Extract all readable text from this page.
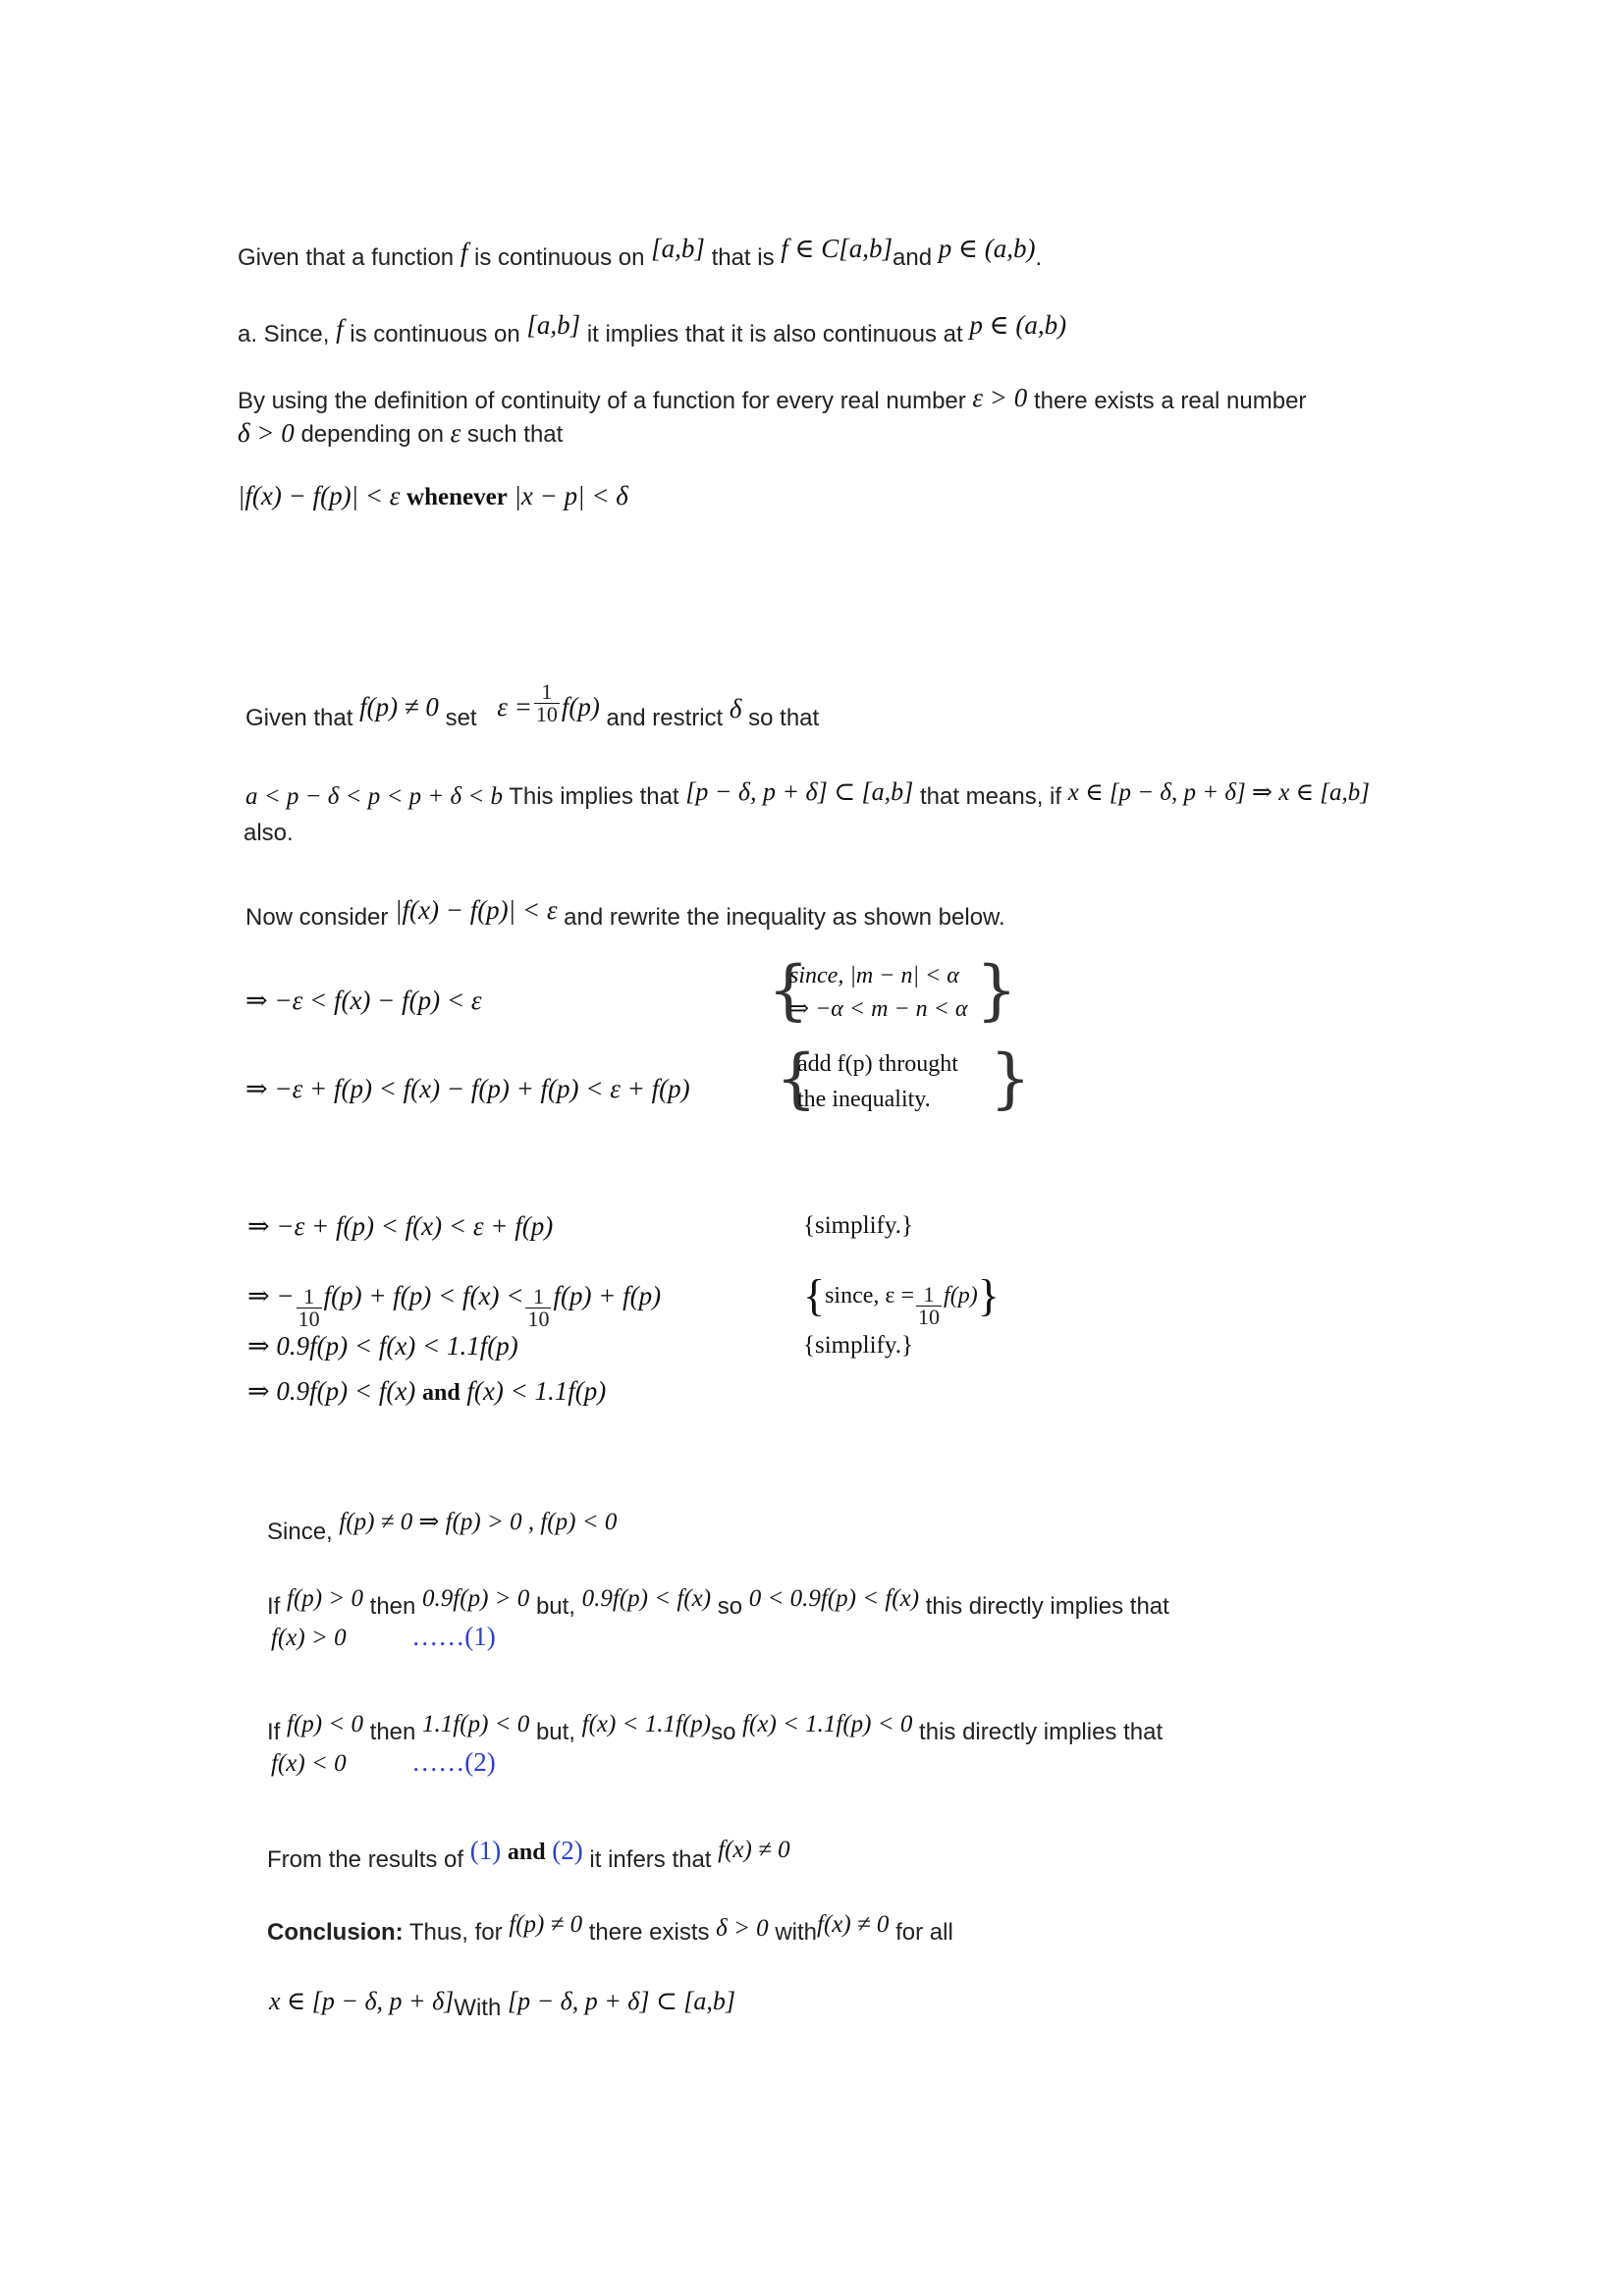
Given that a function f is continuous on [a,b] that is f ∈ C[a,b]and p ∈ (a,b).
a. Since, f is continuous on [a,b] it implies that it is also continuous at p ∈ (a,b)
By using the definition of continuity of a function for every real number ε > 0 there exists a real number
δ > 0 depending on ε such that
|f(x) − f(p)| < ε whenever |x − p| < δ
Given that f(p) ≠ 0 set $\varepsilon = \frac{1}{10} f(p)$ and restrict δ so that
a < p − δ < p < p + δ < b This implies that [p − δ, p + δ] ⊂ [a,b] that means, if x ∈ [p − δ, p + δ] ⇒ x ∈ [a,b]
also.
Now consider |f(x) − f(p)| < ε and rewrite the inequality as shown below.
⇒ −ε < f(x) − f(p) < ε	{
since, |m − n| < α
⇒ −α < m − n < α }
⇒ −ε + f(p) < f(x) − f(p) + f(p) < ε + f(p) {
add f(p) throught
the inequality. }
⇒ −ε + f(p) < f(x) < ε + f(p)	{simplify.}
⇒ − $\frac{1}{10} f(p) + f(p) < f(x) < \frac{1}{10} f(p) + f(p)$	{since, $\varepsilon = \frac{1}{10} f(p)$}
⇒ 0.9f(p) < f(x) < 1.1f(p)	{simplify.}
⇒ 0.9f(p) < f(x) and f(x) < 1.1f(p)
Since, f(p) ≠ 0 ⇒ f(p) > 0 , f(p) < 0
If f(p) > 0 then 0.9f(p) > 0 but, 0.9f(p) < f(x) so 0 < 0.9f(p) < f(x) this directly implies that
f(x) > 0 ……(1)
If f(p) < 0 then 1.1f(p) < 0 but, f(x) < 1.1f(p)so f(x) < 1.1f(p) < 0 this directly implies that
f(x) < 0 ……(2)
From the results of (1) and (2) it infers that f(x) ≠ 0
Conclusion: Thus, for f(p) ≠ 0 there exists δ > 0 withf(x) ≠ 0 for all
x ∈ [p − δ, p + δ]With [p − δ, p + δ] ⊂ [a,b]
